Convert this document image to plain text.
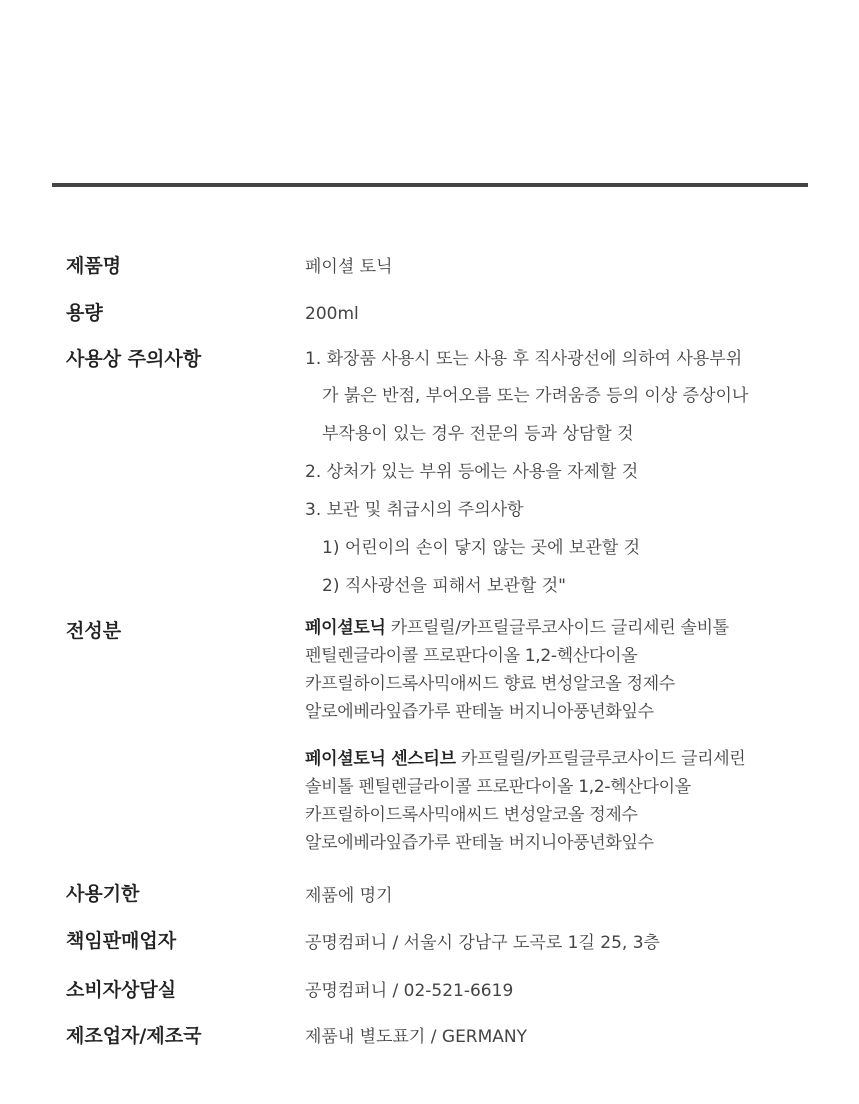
제품명	페이셜 토닉
용량	200ml
사용상 주의사항	1. 화장품 사용시 또는 사용 후 직사광선에 의하여 사용부위
가 붉은 반점, 부어오름 또는 가려움증 등의 이상 증상이나
부작용이 있는 경우 전문의 등과 상담할 것
2. 상처가 있는 부위 등에는 사용을 자제할 것
3. 보관 및 취급시의 주의사항
1) 어린이의 손이 닿지 않는 곳에 보관할 것
2) 직사광선을 피해서 보관할 것"
전성분	페이셜토닉 카프릴릴/카프릴글루코사이드 글리세린 솔비톨
펜틸렌글라이콜 프로판다이올 1,2-헥산다이올
카프릴하이드록사믹애씨드 향료 변성알코올 정제수
알로에베라잎즙가루 판테놀 버지니아풍년화잎수
페이셜토닉 센스티브 카프릴릴/카프릴글루코사이드 글리세린
솔비톨 펜틸렌글라이콜 프로판다이올 1,2-헥산다이올
카프릴하이드록사믹애씨드 변성알코올 정제수
알로에베라잎즙가루 판테놀 버지니아풍년화잎수
사용기한	제품에 명기
책임판매업자	공명컴퍼니 / 서울시 강남구 도곡로 1길 25, 3층
소비자상담실	공명컴퍼니 / 02-521-6619
제조업자/제조국	제품내 별도표기 / GERMANY
